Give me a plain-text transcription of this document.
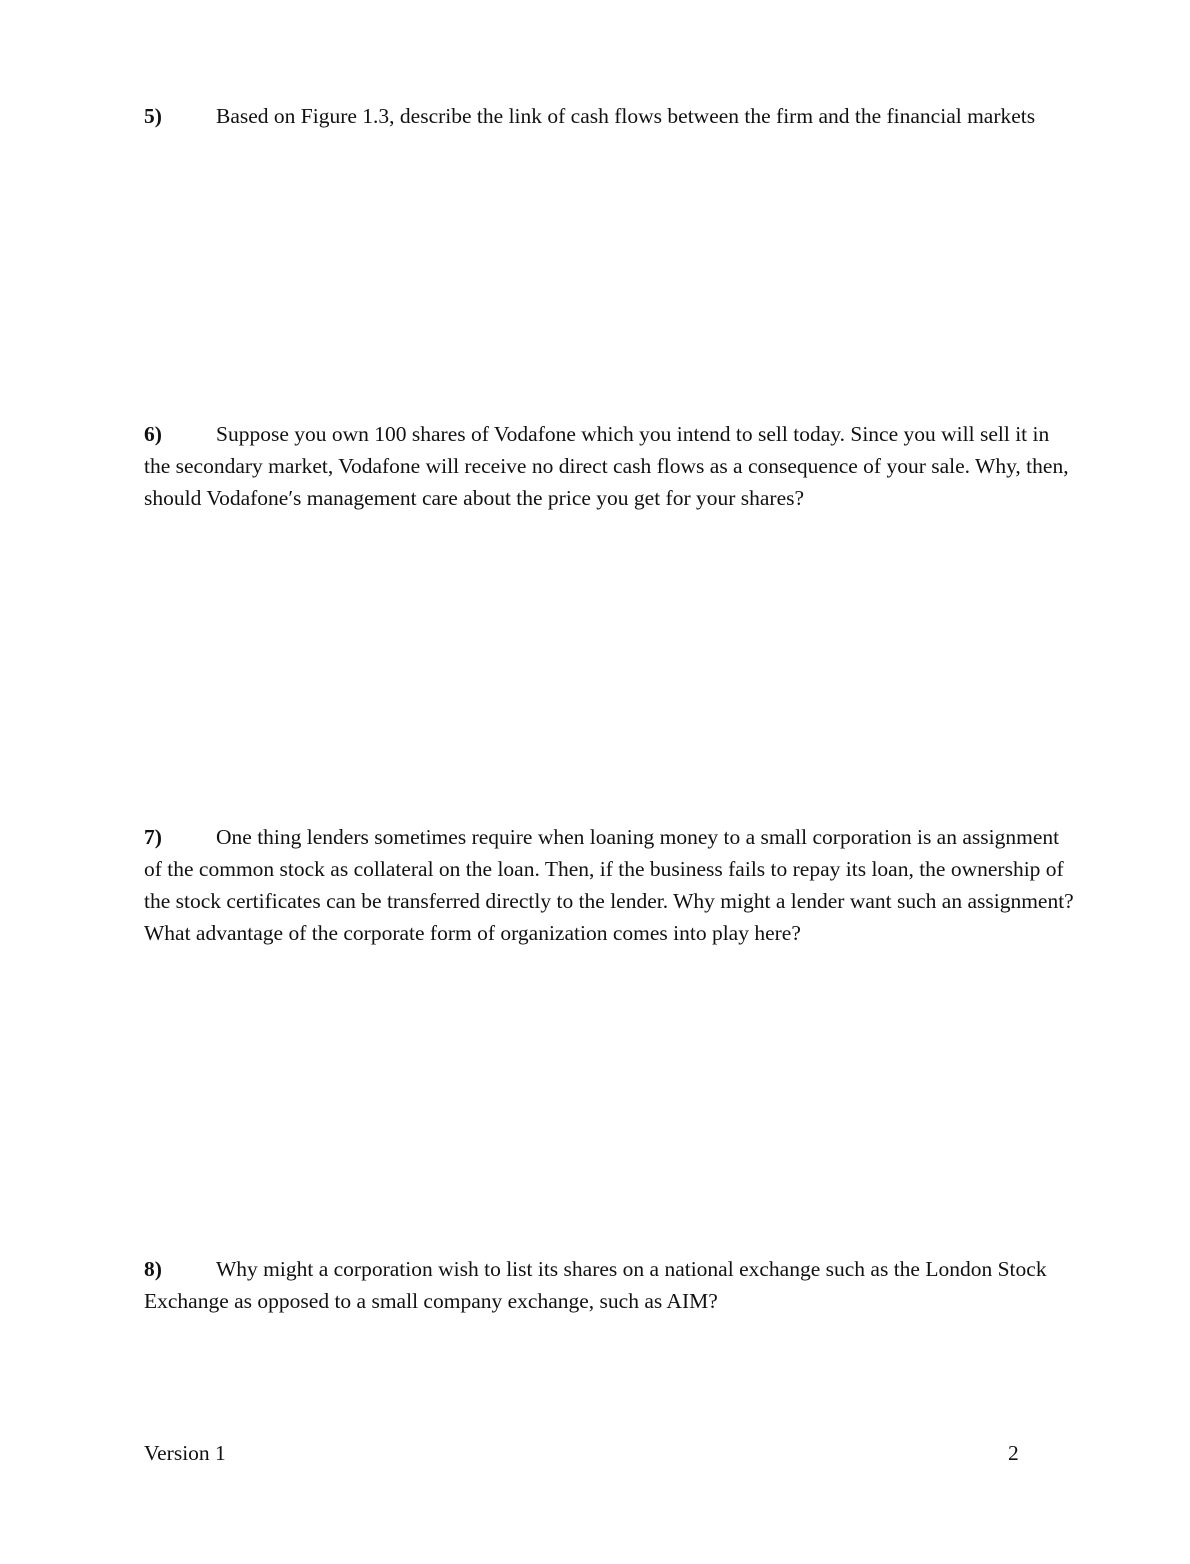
5)	Based on Figure 1.3, describe the link of cash flows between the firm and the financial markets

6)	Suppose you own 100 shares of Vodafone which you intend to sell today. Since you will sell it in the secondary market, Vodafone will receive no direct cash flows as a consequence of your sale. Why, then, should Vodafone′s management care about the price you get for your shares?

7)	One thing lenders sometimes require when loaning money to a small corporation is an assignment of the common stock as collateral on the loan. Then, if the business fails to repay its loan, the ownership of the stock certificates can be transferred directly to the lender. Why might a lender want such an assignment? What advantage of the corporate form of organization comes into play here?

8)	Why might a corporation wish to list its shares on a national exchange such as the London Stock Exchange as opposed to a small company exchange, such as AIM?

Version 1	2
